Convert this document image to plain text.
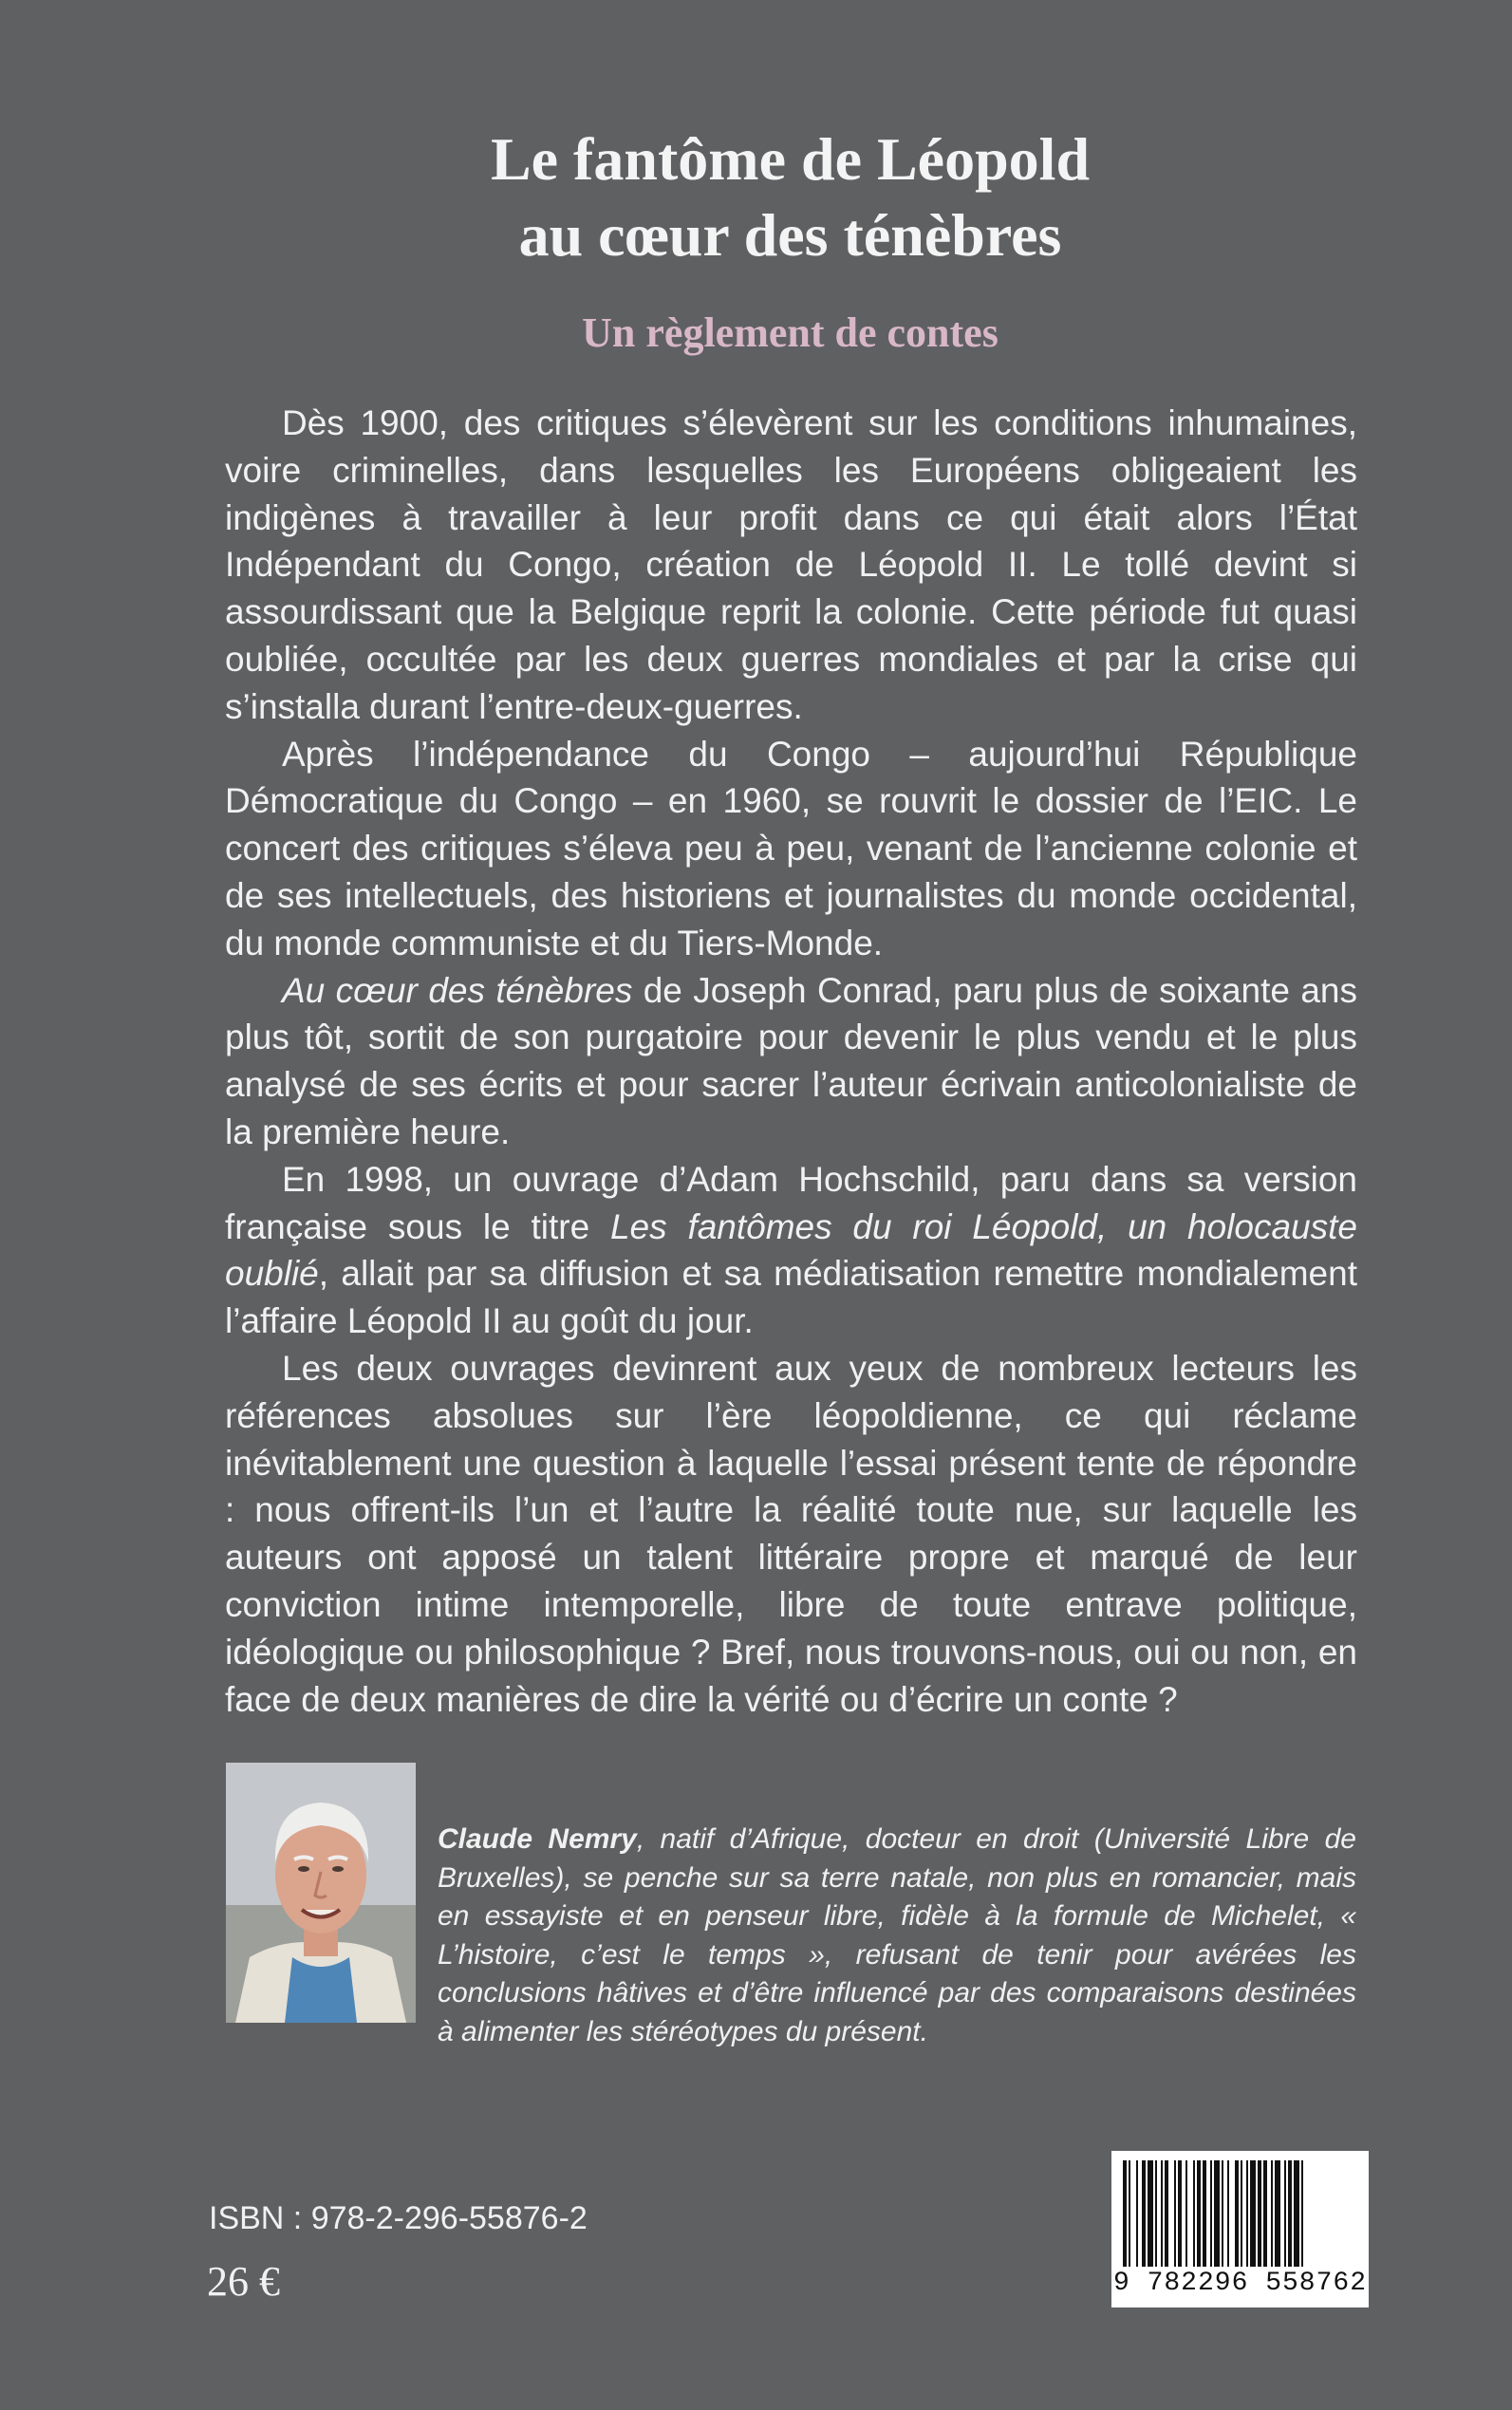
Le fantôme de Léopold
au cœur des ténèbres
Un règlement de contes

Dès 1900, des critiques s’élevèrent sur les conditions inhumaines, voire criminelles, dans lesquelles les Européens obligeaient les indigènes à travailler à leur profit dans ce qui était alors l’État Indépendant du Congo, création de Léopold II. Le tollé devint si assourdissant que la Belgique reprit la colonie. Cette période fut quasi oubliée, occultée par les deux guerres mondiales et par la crise qui s’installa durant l’entre-deux-guerres.

Après l’indépendance du Congo – aujourd’hui République Démocratique du Congo – en 1960, se rouvrit le dossier de l’EIC. Le concert des critiques s’éleva peu à peu, venant de l’ancienne colonie et de ses intellectuels, des historiens et journalistes du monde occidental, du monde communiste et du Tiers-Monde.

Au cœur des ténèbres de Joseph Conrad, paru plus de soixante ans plus tôt, sortit de son purgatoire pour devenir le plus vendu et le plus analysé de ses écrits et pour sacrer l’auteur écrivain anticolonialiste de la première heure.

En 1998, un ouvrage d’Adam Hochschild, paru dans sa version française sous le titre Les fantômes du roi Léopold, un holocauste oublié, allait par sa diffusion et sa médiatisation remettre mondialement l’affaire Léopold II au goût du jour.

Les deux ouvrages devinrent aux yeux de nombreux lecteurs les références absolues sur l’ère léopoldienne, ce qui réclame inévitablement une question à laquelle l’essai présent tente de répondre : nous offrent-ils l’un et l’autre la réalité toute nue, sur laquelle les auteurs ont apposé un talent littéraire propre et marqué de leur conviction intime intemporelle, libre de toute entrave politique, idéologique ou philosophique ? Bref, nous trouvons-nous, oui ou non, en face de deux manières de dire la vérité ou d’écrire un conte ?

Claude Nemry, natif d’Afrique, docteur en droit (Université Libre de Bruxelles), se penche sur sa terre natale, non plus en romancier, mais en essayiste et en penseur libre, fidèle à la formule de Michelet, « L’histoire, c’est le temps », refusant de tenir pour avérées les conclusions hâtives et d’être influencé par des comparaisons destinées à alimenter les stéréotypes du présent.

ISBN : 978-2-296-55876-2
26 €	9 782296 558762
